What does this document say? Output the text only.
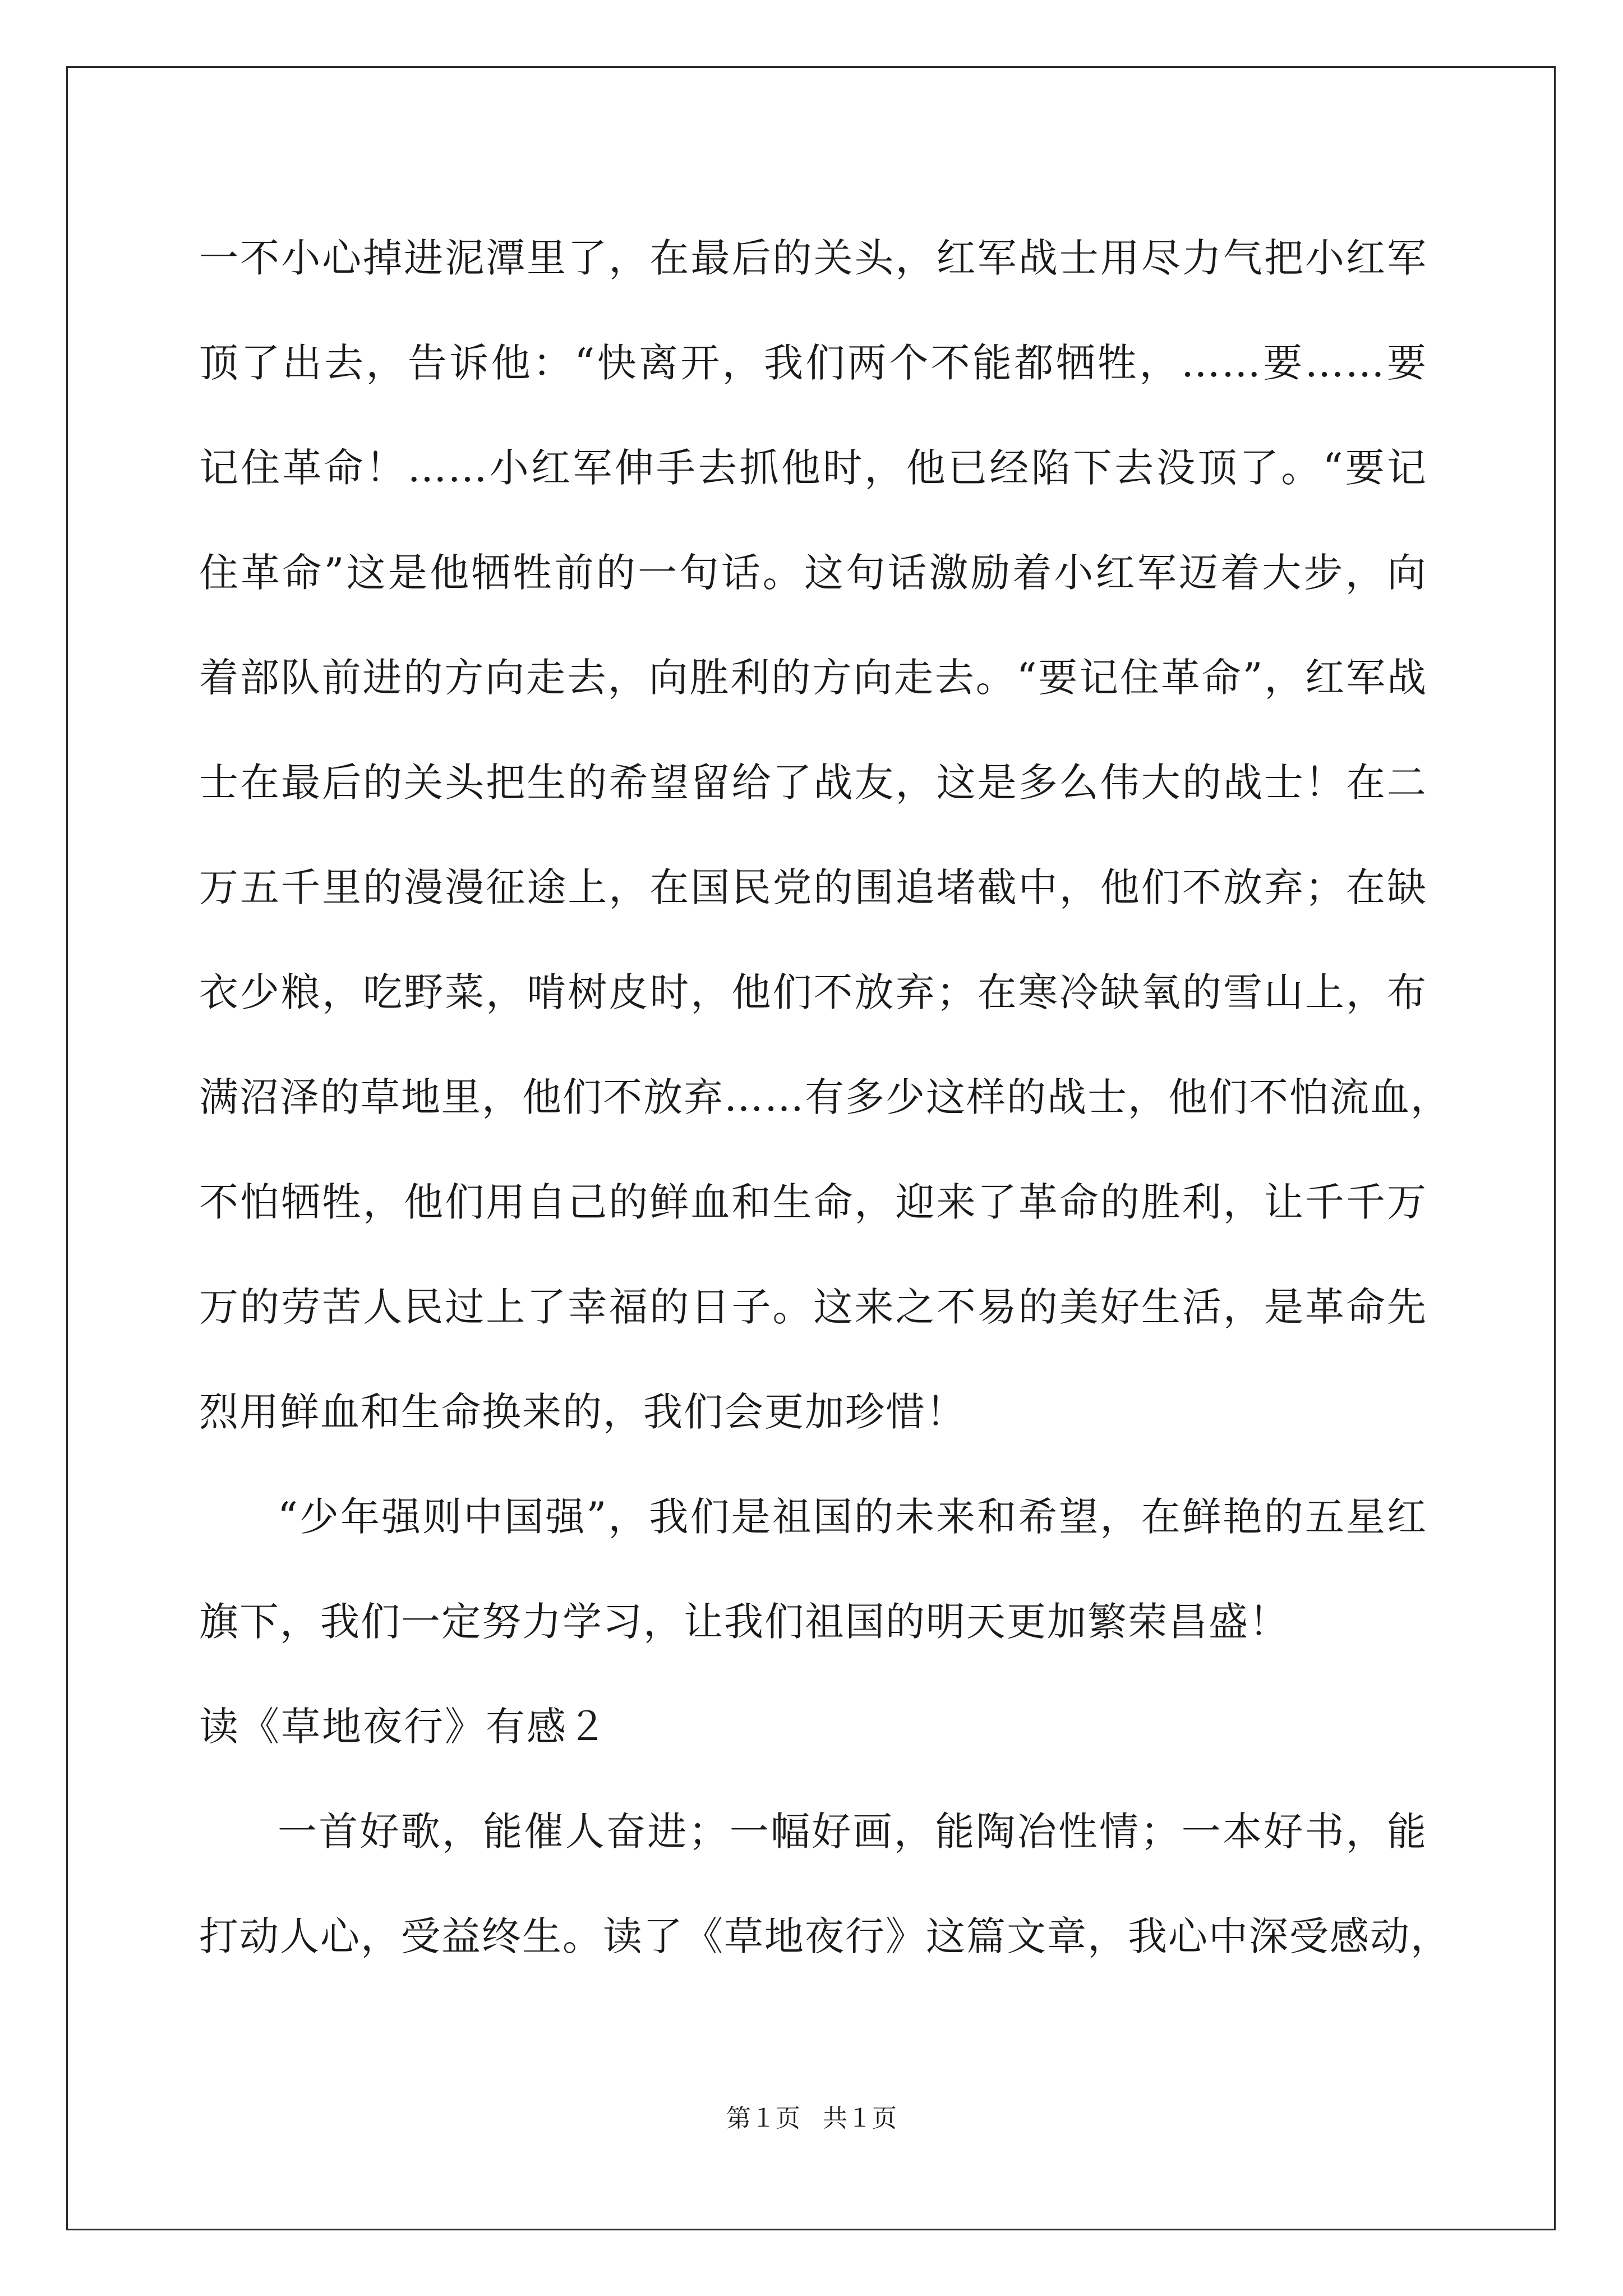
一不小心掉进泥潭里了，在最后的关头，红军战士用尽力气把小红军
顶了出去，告诉他：“快离开，我们两个不能都牺牲，……要……要
记住革命！……小红军伸手去抓他时，他已经陷下去没顶了。“要记
住革命”这是他牺牲前的一句话。这句话激励着小红军迈着大步，向
着部队前进的方向走去，向胜利的方向走去。“要记住革命”，红军战
士在最后的关头把生的希望留给了战友，这是多么伟大的战士！在二
万五千里的漫漫征途上，在国民党的围追堵截中，他们不放弃；在缺
衣少粮，吃野菜，啃树皮时，他们不放弃；在寒冷缺氧的雪山上，布
满沼泽的草地里，他们不放弃……有多少这样的战士，他们不怕流血，
不怕牺牲，他们用自己的鲜血和生命，迎来了革命的胜利，让千千万
万的劳苦人民过上了幸福的日子。这来之不易的美好生活，是革命先
烈用鲜血和生命换来的，我们会更加珍惜！
“少年强则中国强”，我们是祖国的未来和希望，在鲜艳的五星红
旗下，我们一定努力学习，让我们祖国的明天更加繁荣昌盛！
读《草地夜行》有感２
一首好歌，能催人奋进；一幅好画，能陶冶性情；一本好书，能
打动人心，受益终生。读了《草地夜行》这篇文章，我心中深受感动，
第１页 共１页
